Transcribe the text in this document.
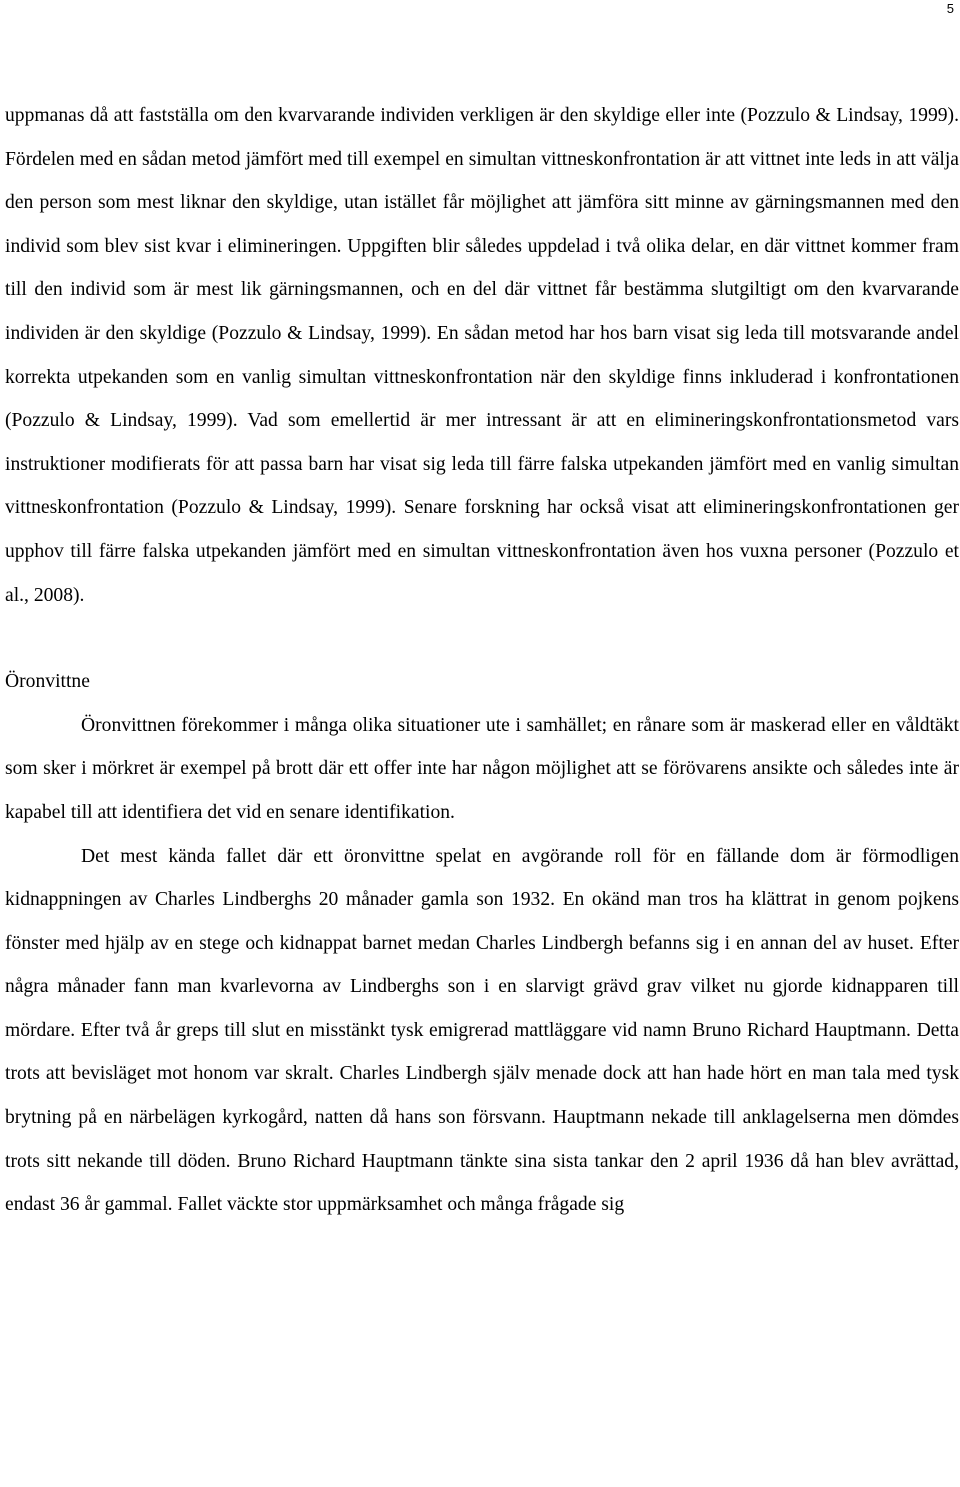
5

uppmanas då att fastställa om den kvarvarande individen verkligen är den skyldige eller inte (Pozzulo & Lindsay, 1999). Fördelen med en sådan metod jämfört med till exempel en simultan vittneskonfrontation är att vittnet inte leds in att välja den person som mest liknar den skyldige, utan istället får möjlighet att jämföra sitt minne av gärningsmannen med den individ som blev sist kvar i elimineringen. Uppgiften blir således uppdelad i två olika delar, en där vittnet kommer fram till den individ som är mest lik gärningsmannen, och en del där vittnet får bestämma slutgiltigt om den kvarvarande individen är den skyldige (Pozzulo & Lindsay, 1999). En sådan metod har hos barn visat sig leda till motsvarande andel korrekta utpekanden som en vanlig simultan vittneskonfrontation när den skyldige finns inkluderad i konfrontationen (Pozzulo & Lindsay, 1999). Vad som emellertid är mer intressant är att en elimineringskonfrontationsmetod vars instruktioner modifierats för att passa barn har visat sig leda till färre falska utpekanden jämfört med en vanlig simultan vittneskonfrontation (Pozzulo & Lindsay, 1999). Senare forskning har också visat att elimineringskonfrontationen ger upphov till färre falska utpekanden jämfört med en simultan vittneskonfrontation även hos vuxna personer (Pozzulo et al., 2008).

Öronvittne

Öronvittnen förekommer i många olika situationer ute i samhället; en rånare som är maskerad eller en våldtäkt som sker i mörkret är exempel på brott där ett offer inte har någon möjlighet att se förövarens ansikte och således inte är kapabel till att identifiera det vid en senare identifikation.

Det mest kända fallet där ett öronvittne spelat en avgörande roll för en fällande dom är förmodligen kidnappningen av Charles Lindberghs 20 månader gamla son 1932. En okänd man tros ha klättrat in genom pojkens fönster med hjälp av en stege och kidnappat barnet medan Charles Lindbergh befanns sig i en annan del av huset. Efter några månader fann man kvarlevorna av Lindberghs son i en slarvigt grävd grav vilket nu gjorde kidnapparen till mördare. Efter två år greps till slut en misstänkt tysk emigrerad mattläggare vid namn Bruno Richard Hauptmann. Detta trots att bevisläget mot honom var skralt. Charles Lindbergh själv menade dock att han hade hört en man tala med tysk brytning på en närbelägen kyrkogård, natten då hans son försvann. Hauptmann nekade till anklagelserna men dömdes trots sitt nekande till döden. Bruno Richard Hauptmann tänkte sina sista tankar den 2 april 1936 då han blev avrättad, endast 36 år gammal. Fallet väckte stor uppmärksamhet och många frågade sig
